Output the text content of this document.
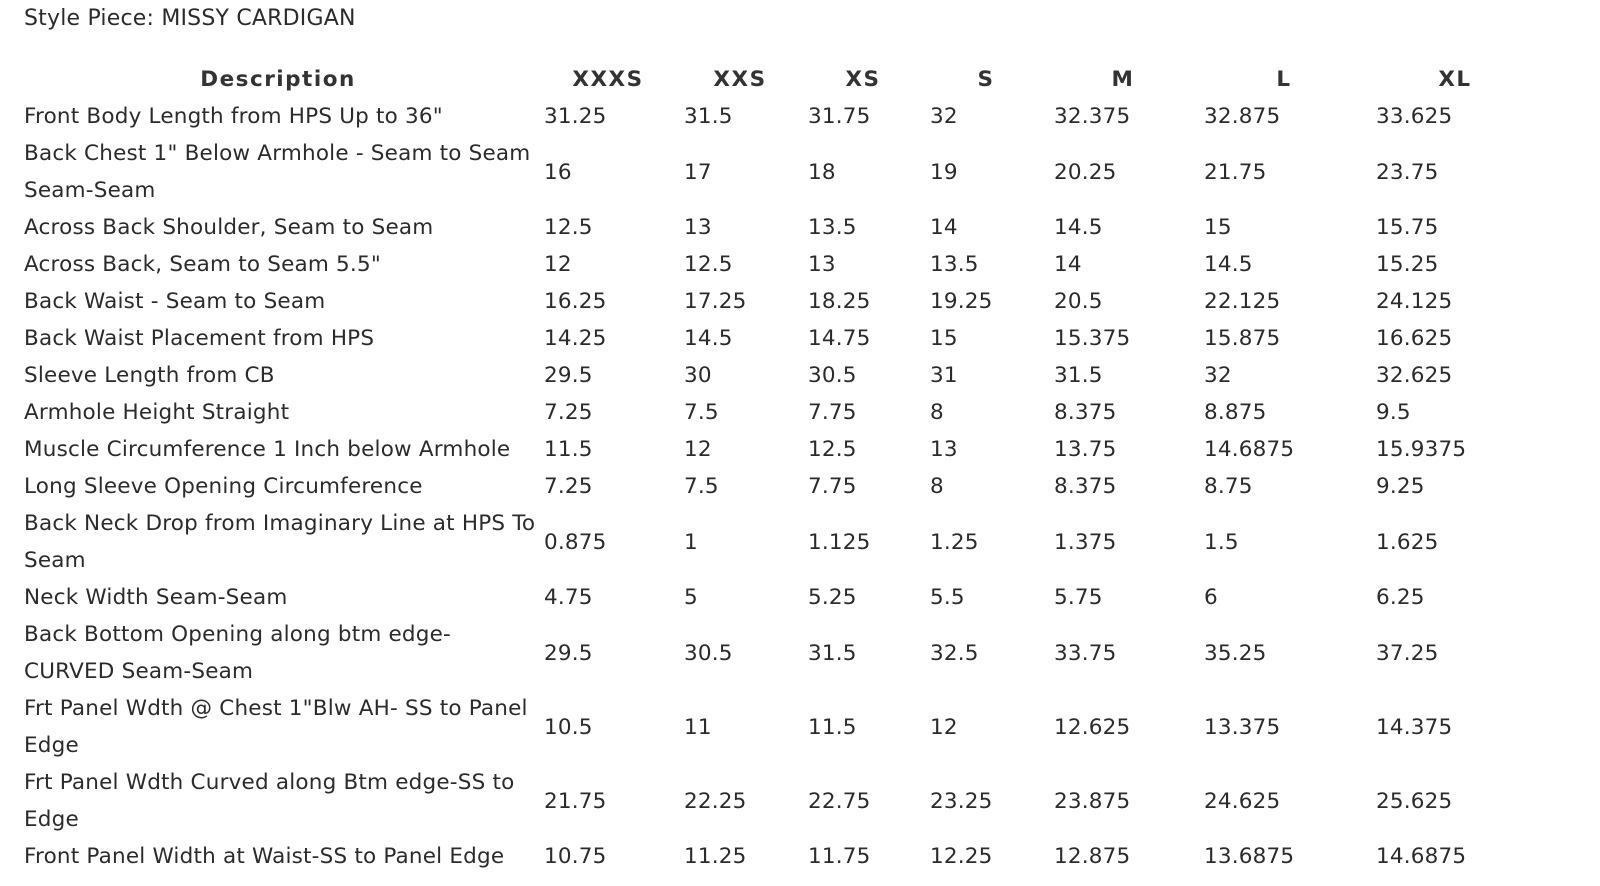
Style Piece: MISSY CARDIGAN
Description	XXXS	XXS	XS	S	M	L	XL
Front Body Length from HPS Up to 36"	31.25	31.5	31.75	32	32.375	32.875	33.625
Back Chest 1" Below Armhole - Seam to Seam Seam-Seam	16	17	18	19	20.25	21.75	23.75
Across Back Shoulder, Seam to Seam	12.5	13	13.5	14	14.5	15	15.75
Across Back, Seam to Seam 5.5"	12	12.5	13	13.5	14	14.5	15.25
Back Waist - Seam to Seam	16.25	17.25	18.25	19.25	20.5	22.125	24.125
Back Waist Placement from HPS	14.25	14.5	14.75	15	15.375	15.875	16.625
Sleeve Length from CB	29.5	30	30.5	31	31.5	32	32.625
Armhole Height Straight	7.25	7.5	7.75	8	8.375	8.875	9.5
Muscle Circumference 1 Inch below Armhole	11.5	12	12.5	13	13.75	14.6875	15.9375
Long Sleeve Opening Circumference	7.25	7.5	7.75	8	8.375	8.75	9.25
Back Neck Drop from Imaginary Line at HPS To Seam	0.875	1	1.125	1.25	1.375	1.5	1.625
Neck Width Seam-Seam	4.75	5	5.25	5.5	5.75	6	6.25
Back Bottom Opening along btm edge- CURVED Seam-Seam	29.5	30.5	31.5	32.5	33.75	35.25	37.25
Frt Panel Wdth @ Chest 1"Blw AH- SS to Panel Edge	10.5	11	11.5	12	12.625	13.375	14.375
Frt Panel Wdth Curved along Btm edge-SS to Edge	21.75	22.25	22.75	23.25	23.875	24.625	25.625
Front Panel Width at Waist-SS to Panel Edge	10.75	11.25	11.75	12.25	12.875	13.6875	14.6875
